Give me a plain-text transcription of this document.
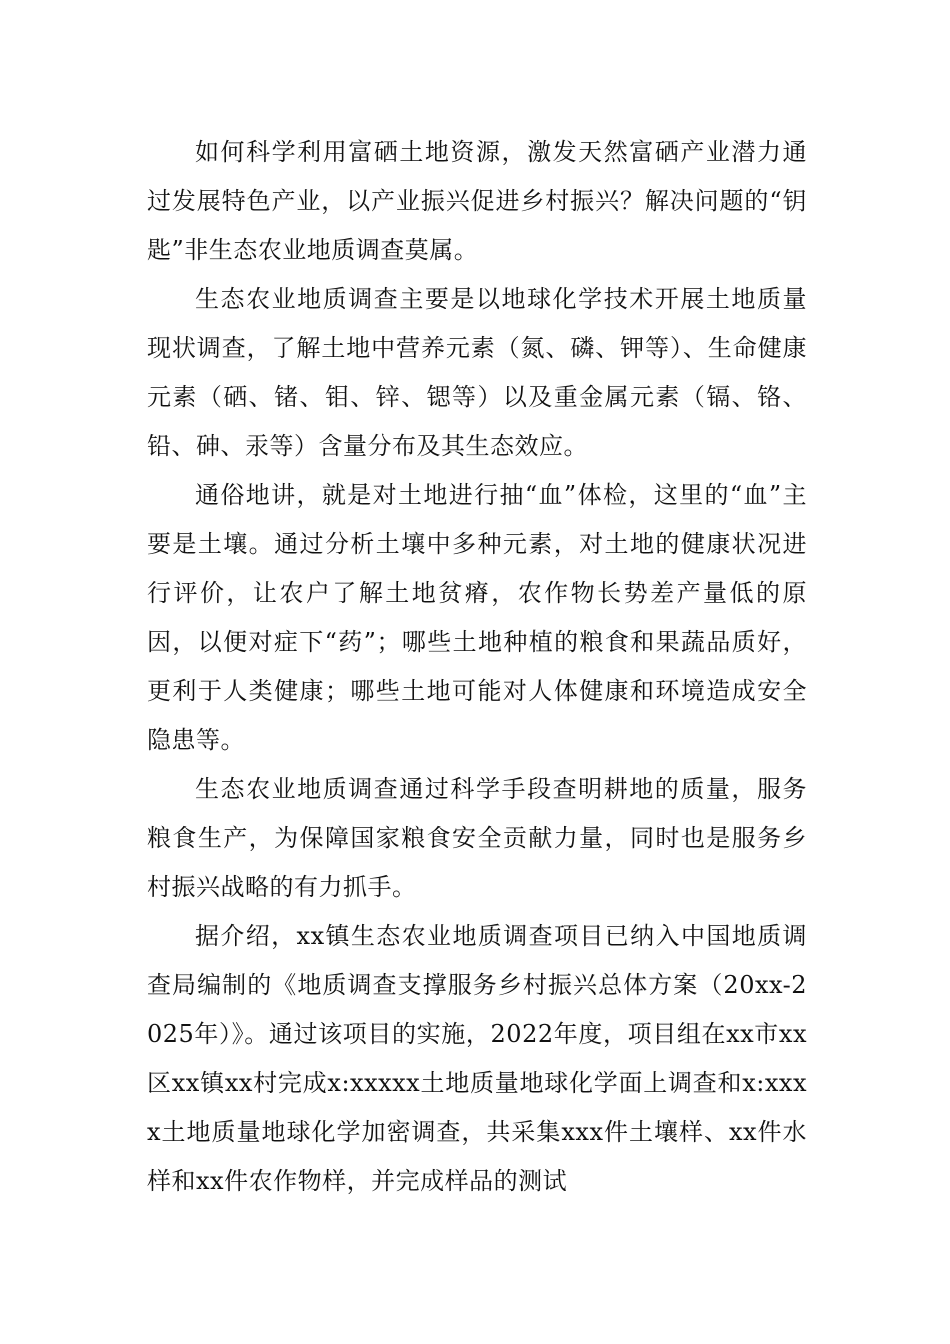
如何科学利用富硒土地资源，激发天然富硒产业潜力通过发展特色产业，以产业振兴促进乡村振兴？解决问题的“钥匙”非生态农业地质调查莫属。

生态农业地质调查主要是以地球化学技术开展土地质量现状调查，了解土地中营养元素（氮、磷、钾等）、生命健康元素（硒、锗、钼、锌、锶等）以及重金属元素（镉、铬、铅、砷、汞等）含量分布及其生态效应。

通俗地讲，就是对土地进行抽“血”体检，这里的“血”主要是土壤。通过分析土壤中多种元素，对土地的健康状况进行评价，让农户了解土地贫瘠，农作物长势差产量低的原因，以便对症下“药”；哪些土地种植的粮食和果蔬品质好，更利于人类健康；哪些土地可能对人体健康和环境造成安全隐患等。

生态农业地质调查通过科学手段查明耕地的质量，服务粮食生产，为保障国家粮食安全贡献力量，同时也是服务乡村振兴战略的有力抓手。

据介绍，xx镇生态农业地质调查项目已纳入中国地质调查局编制的《地质调查支撑服务乡村振兴总体方案（20xx-2025年）》。通过该项目的实施，2022年度，项目组在xx市xx区xx镇xx村完成x:xxxxx土地质量地球化学面上调查和x:xxxx土地质量地球化学加密调查，共采集xxx件土壤样、xx件水样和xx件农作物样，并完成样品的测试
